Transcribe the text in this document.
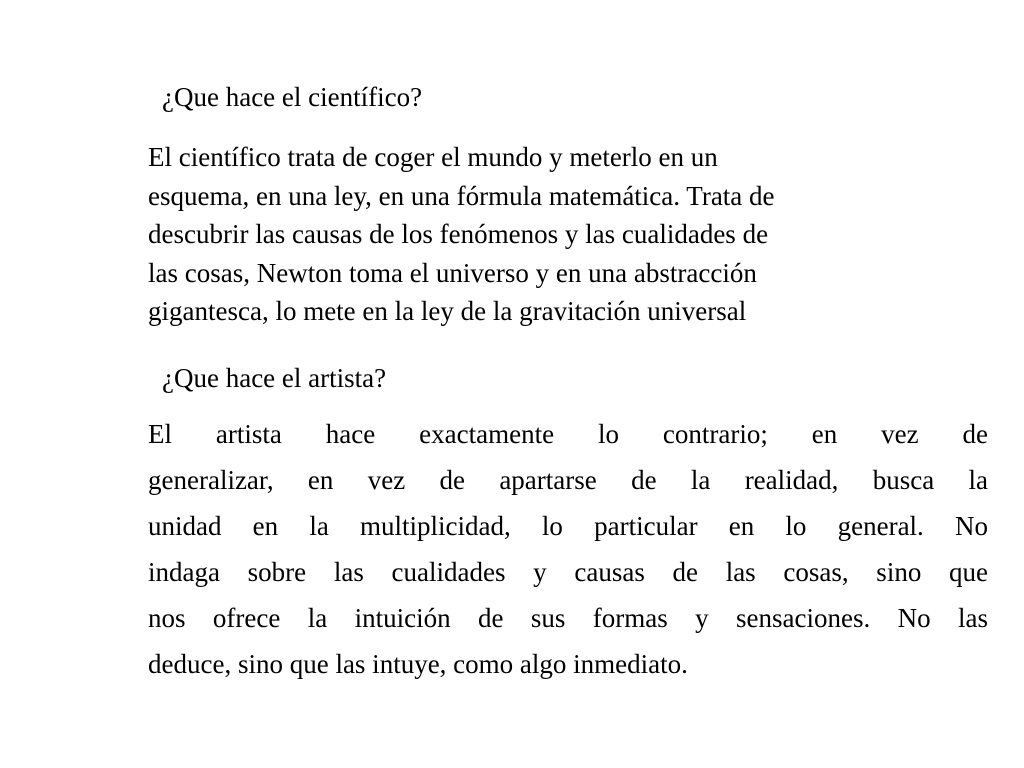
¿Que hace el científico?
El científico trata de coger el mundo y meterlo en un
esquema, en una ley, en una fórmula matemática. Trata de
descubrir las causas de los fenómenos y las cualidades de
las cosas, Newton toma el universo y en una abstracción
gigantesca, lo mete en la ley de la gravitación universal
¿Que hace el artista?
El artista hace exactamente lo contrario; en vez de
generalizar, en vez de apartarse de la realidad, busca la
unidad en la multiplicidad, lo particular en lo general. No
indaga sobre las cualidades y causas de las cosas, sino que
nos ofrece la intuición de sus formas y sensaciones. No las
deduce, sino que las intuye, como algo inmediato.
